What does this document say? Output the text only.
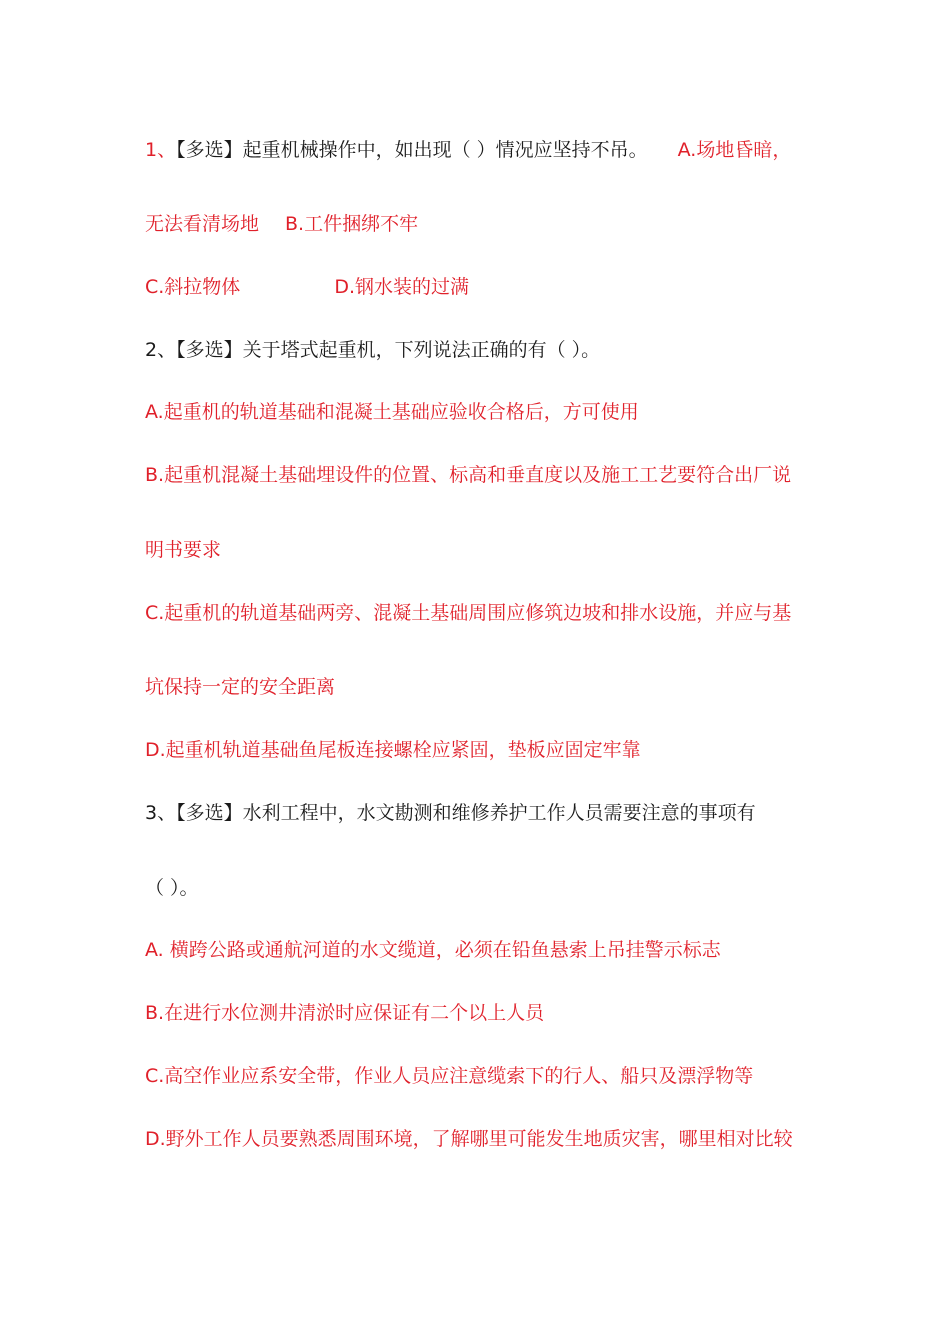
1、【多选】起重机械操作中，如出现（ ）情况应坚持不吊。 A.场地昏暗，
无法看清场地 B.工件捆绑不牢
C.斜拉物体	D.钢水装的过满
2、【多选】关于塔式起重机，下列说法正确的有（ ）。
A.起重机的轨道基础和混凝土基础应验收合格后，方可使用
B.起重机混凝土基础埋设件的位置、标高和垂直度以及施工工艺要符合出厂说
明书要求
C.起重机的轨道基础两旁、混凝土基础周围应修筑边坡和排水设施，并应与基
坑保持一定的安全距离
D.起重机轨道基础鱼尾板连接螺栓应紧固，垫板应固定牢靠
3、【多选】水利工程中，水文勘测和维修养护工作人员需要注意的事项有
（ ）。
A. 横跨公路或通航河道的水文缆道，必须在铅鱼悬索上吊挂警示标志
B.在进行水位测井清淤时应保证有二个以上人员
C.高空作业应系安全带，作业人员应注意缆索下的行人、船只及漂浮物等
D.野外工作人员要熟悉周围环境，了解哪里可能发生地质灾害，哪里相对比较
